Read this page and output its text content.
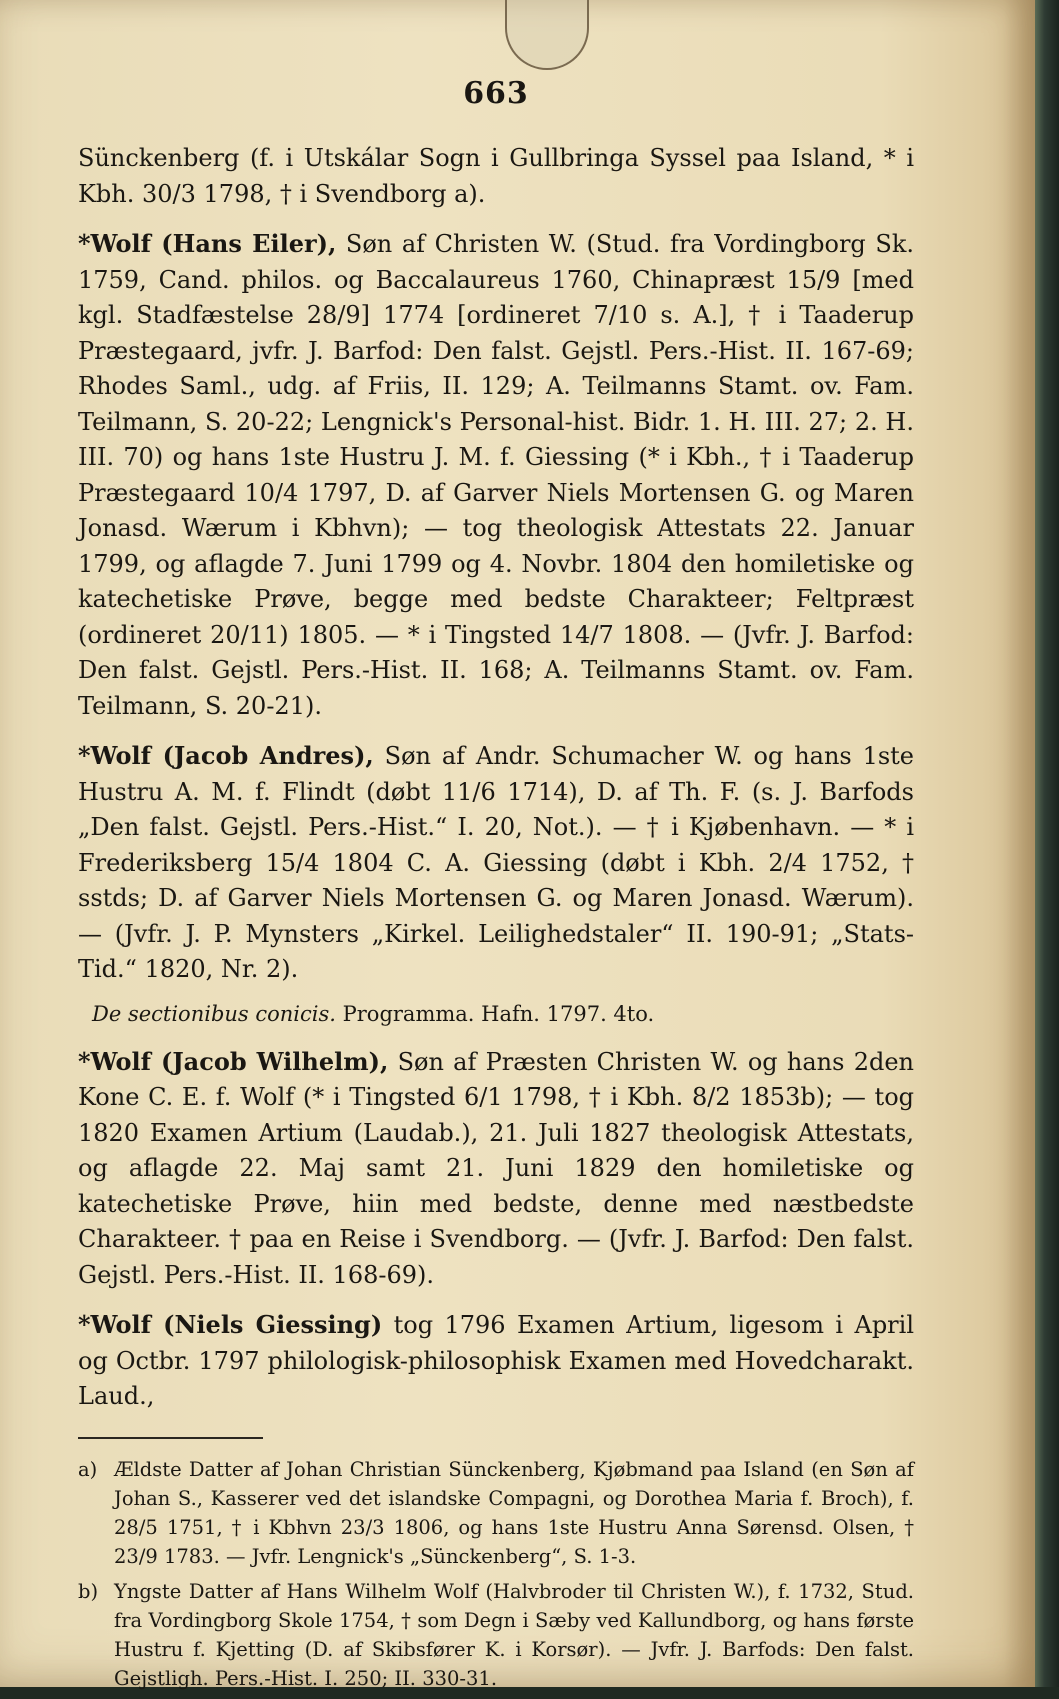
663

Sünckenberg (f. i Utskálar Sogn i Gullbringa Syssel paa Island, * i Kbh. 30/3 1798, † i Svendborg a).

*Wolf (Hans Eiler), Søn af Christen W. (Stud. fra Vordingborg Sk. 1759, Cand. philos. og Baccalaureus 1760, Chinapræst 15/9 [med kgl. Stadfæstelse 28/9] 1774 [ordineret 7/10 s. A.], † i Taaderup Præstegaard, jvfr. J. Barfod: Den falst. Gejstl. Pers.-Hist. II. 167-69; Rhodes Saml., udg. af Friis, II. 129; A. Teilmanns Stamt. ov. Fam. Teilmann, S. 20-22; Lengnick's Personal-hist. Bidr. 1. H. III. 27; 2. H. III. 70) og hans 1ste Hustru J. M. f. Giessing (* i Kbh., † i Taaderup Præstegaard 10/4 1797, D. af Garver Niels Mortensen G. og Maren Jonasd. Wærum i Kbhvn); — tog theologisk Attestats 22. Januar 1799, og aflagde 7. Juni 1799 og 4. Novbr. 1804 den homiletiske og katechetiske Prøve, begge med bedste Charakteer; Feltpræst (ordineret 20/11) 1805. — * i Tingsted 14/7 1808. — (Jvfr. J. Barfod: Den falst. Gejstl. Pers.-Hist. II. 168; A. Teilmanns Stamt. ov. Fam. Teilmann, S. 20-21).

*Wolf (Jacob Andres), Søn af Andr. Schumacher W. og hans 1ste Hustru A. M. f. Flindt (døbt 11/6 1714), D. af Th. F. (s. J. Barfods „Den falst. Gejstl. Pers.-Hist.“ I. 20, Not.). — † i Kjøbenhavn. — * i Frederiksberg 15/4 1804 C. A. Giessing (døbt i Kbh. 2/4 1752, † sstds; D. af Garver Niels Mortensen G. og Maren Jonasd. Wærum). — (Jvfr. J. P. Mynsters „Kirkel. Leilighedstaler“ II. 190-91; „Stats-Tid.“ 1820, Nr. 2).

De sectionibus conicis. Programma. Hafn. 1797. 4to.

*Wolf (Jacob Wilhelm), Søn af Præsten Christen W. og hans 2den Kone C. E. f. Wolf (* i Tingsted 6/1 1798, † i Kbh. 8/2 1853b); — tog 1820 Examen Artium (Laudab.), 21. Juli 1827 theologisk Attestats, og aflagde 22. Maj samt 21. Juni 1829 den homiletiske og katechetiske Prøve, hiin med bedste, denne med næstbedste Charakteer. † paa en Reise i Svendborg. — (Jvfr. J. Barfod: Den falst. Gejstl. Pers.-Hist. II. 168-69).

*Wolf (Niels Giessing) tog 1796 Examen Artium, ligesom i April og Octbr. 1797 philologisk-philosophisk Examen med Hovedcharakt. Laud.,

a) Ældste Datter af Johan Christian Sünckenberg, Kjøbmand paa Island (en Søn af Johan S., Kasserer ved det islandske Compagni, og Dorothea Maria f. Broch), f. 28/5 1751, † i Kbhvn 23/3 1806, og hans 1ste Hustru Anna Sørensd. Olsen, † 23/9 1783. — Jvfr. Lengnick's „Sünckenberg“, S. 1-3.

b) Yngste Datter af Hans Wilhelm Wolf (Halvbroder til Christen W.), f. 1732, Stud. fra Vordingborg Skole 1754, † som Degn i Sæby ved Kallundborg, og hans første Hustru f. Kjetting (D. af Skibsfører K. i Korsør). — Jvfr. J. Barfods: Den falst. Gejstligh. Pers.-Hist. I. 250; II. 330-31.
